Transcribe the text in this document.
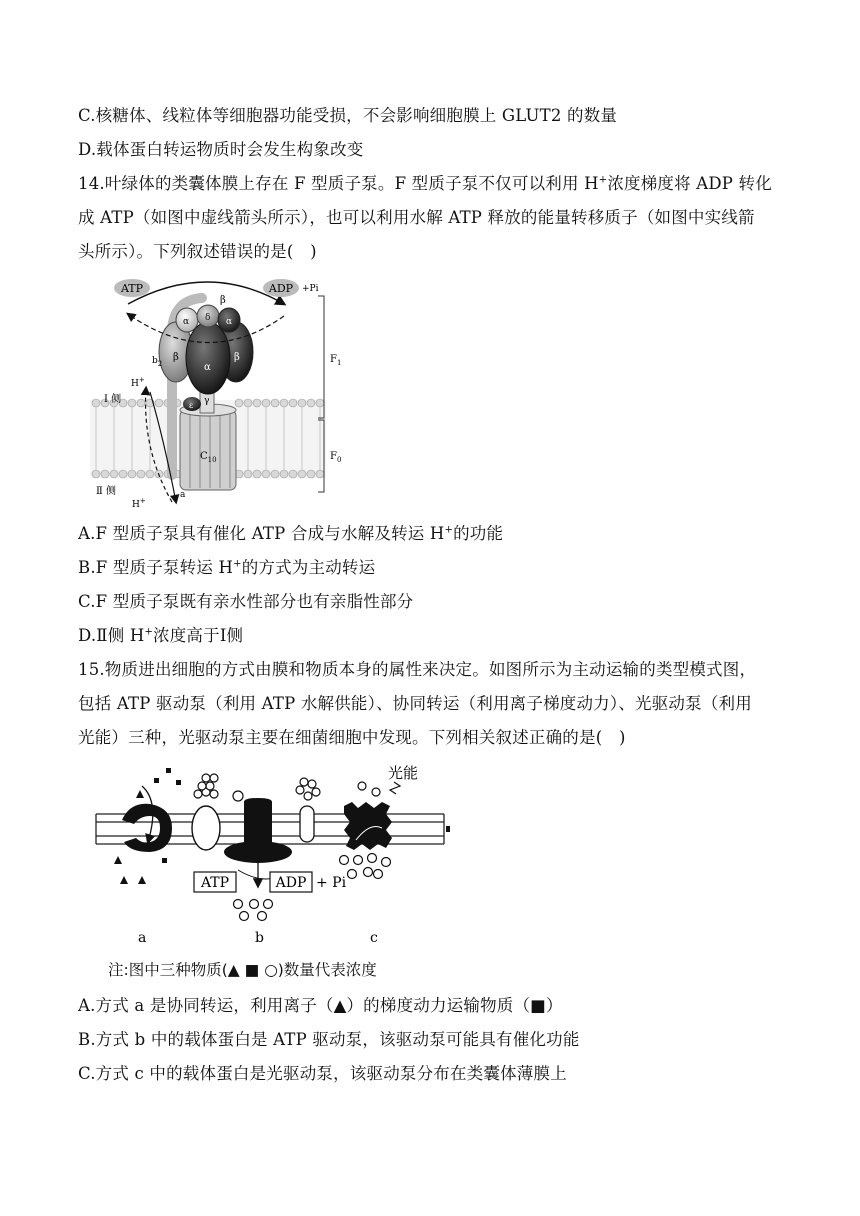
C.核糖体、线粒体等细胞器功能受损，不会影响细胞膜上 GLUT2 的数量
D.载体蛋白转运物质时会发生构象改变
14.叶绿体的类囊体膜上存在 F 型质子泵。F 型质子泵不仅可以利用 H+浓度梯度将 ADP 转化
成 ATP（如图中虚线箭头所示），也可以利用水解 ATP 释放的能量转移质子（如图中实线箭
头所示）。下列叙述错误的是(　)
ATP	ADP +Pi
β
α δ α
$b_2$
β
α
β
H+
Ⅰ 侧
ε γ
$C_{10}$
Ⅱ 侧
H+
a
$F_1$
$F_0$
A.F 型质子泵具有催化 ATP 合成与水解及转运 H+的功能
B.F 型质子泵转运 H+的方式为主动转运
C.F 型质子泵既有亲水性部分也有亲脂性部分
D.Ⅱ侧 H+浓度高于Ⅰ侧
15.物质进出细胞的方式由膜和物质本身的属性来决定。如图所示为主动运输的类型模式图，
包括 ATP 驱动泵（利用 ATP 水解供能）、协同转运（利用离子梯度动力）、光驱动泵（利用
光能）三种，光驱动泵主要在细菌细胞中发现。下列相关叙述正确的是(　)
ATP	ADP + Pi
光能
a	b	c
注:图中三种物质(▲ ■ ○)数量代表浓度
A.方式 a 是协同转运，利用离子（▲）的梯度动力运输物质（■）
B.方式 b 中的载体蛋白是 ATP 驱动泵，该驱动泵可能具有催化功能
C.方式 c 中的载体蛋白是光驱动泵，该驱动泵分布在类囊体薄膜上
